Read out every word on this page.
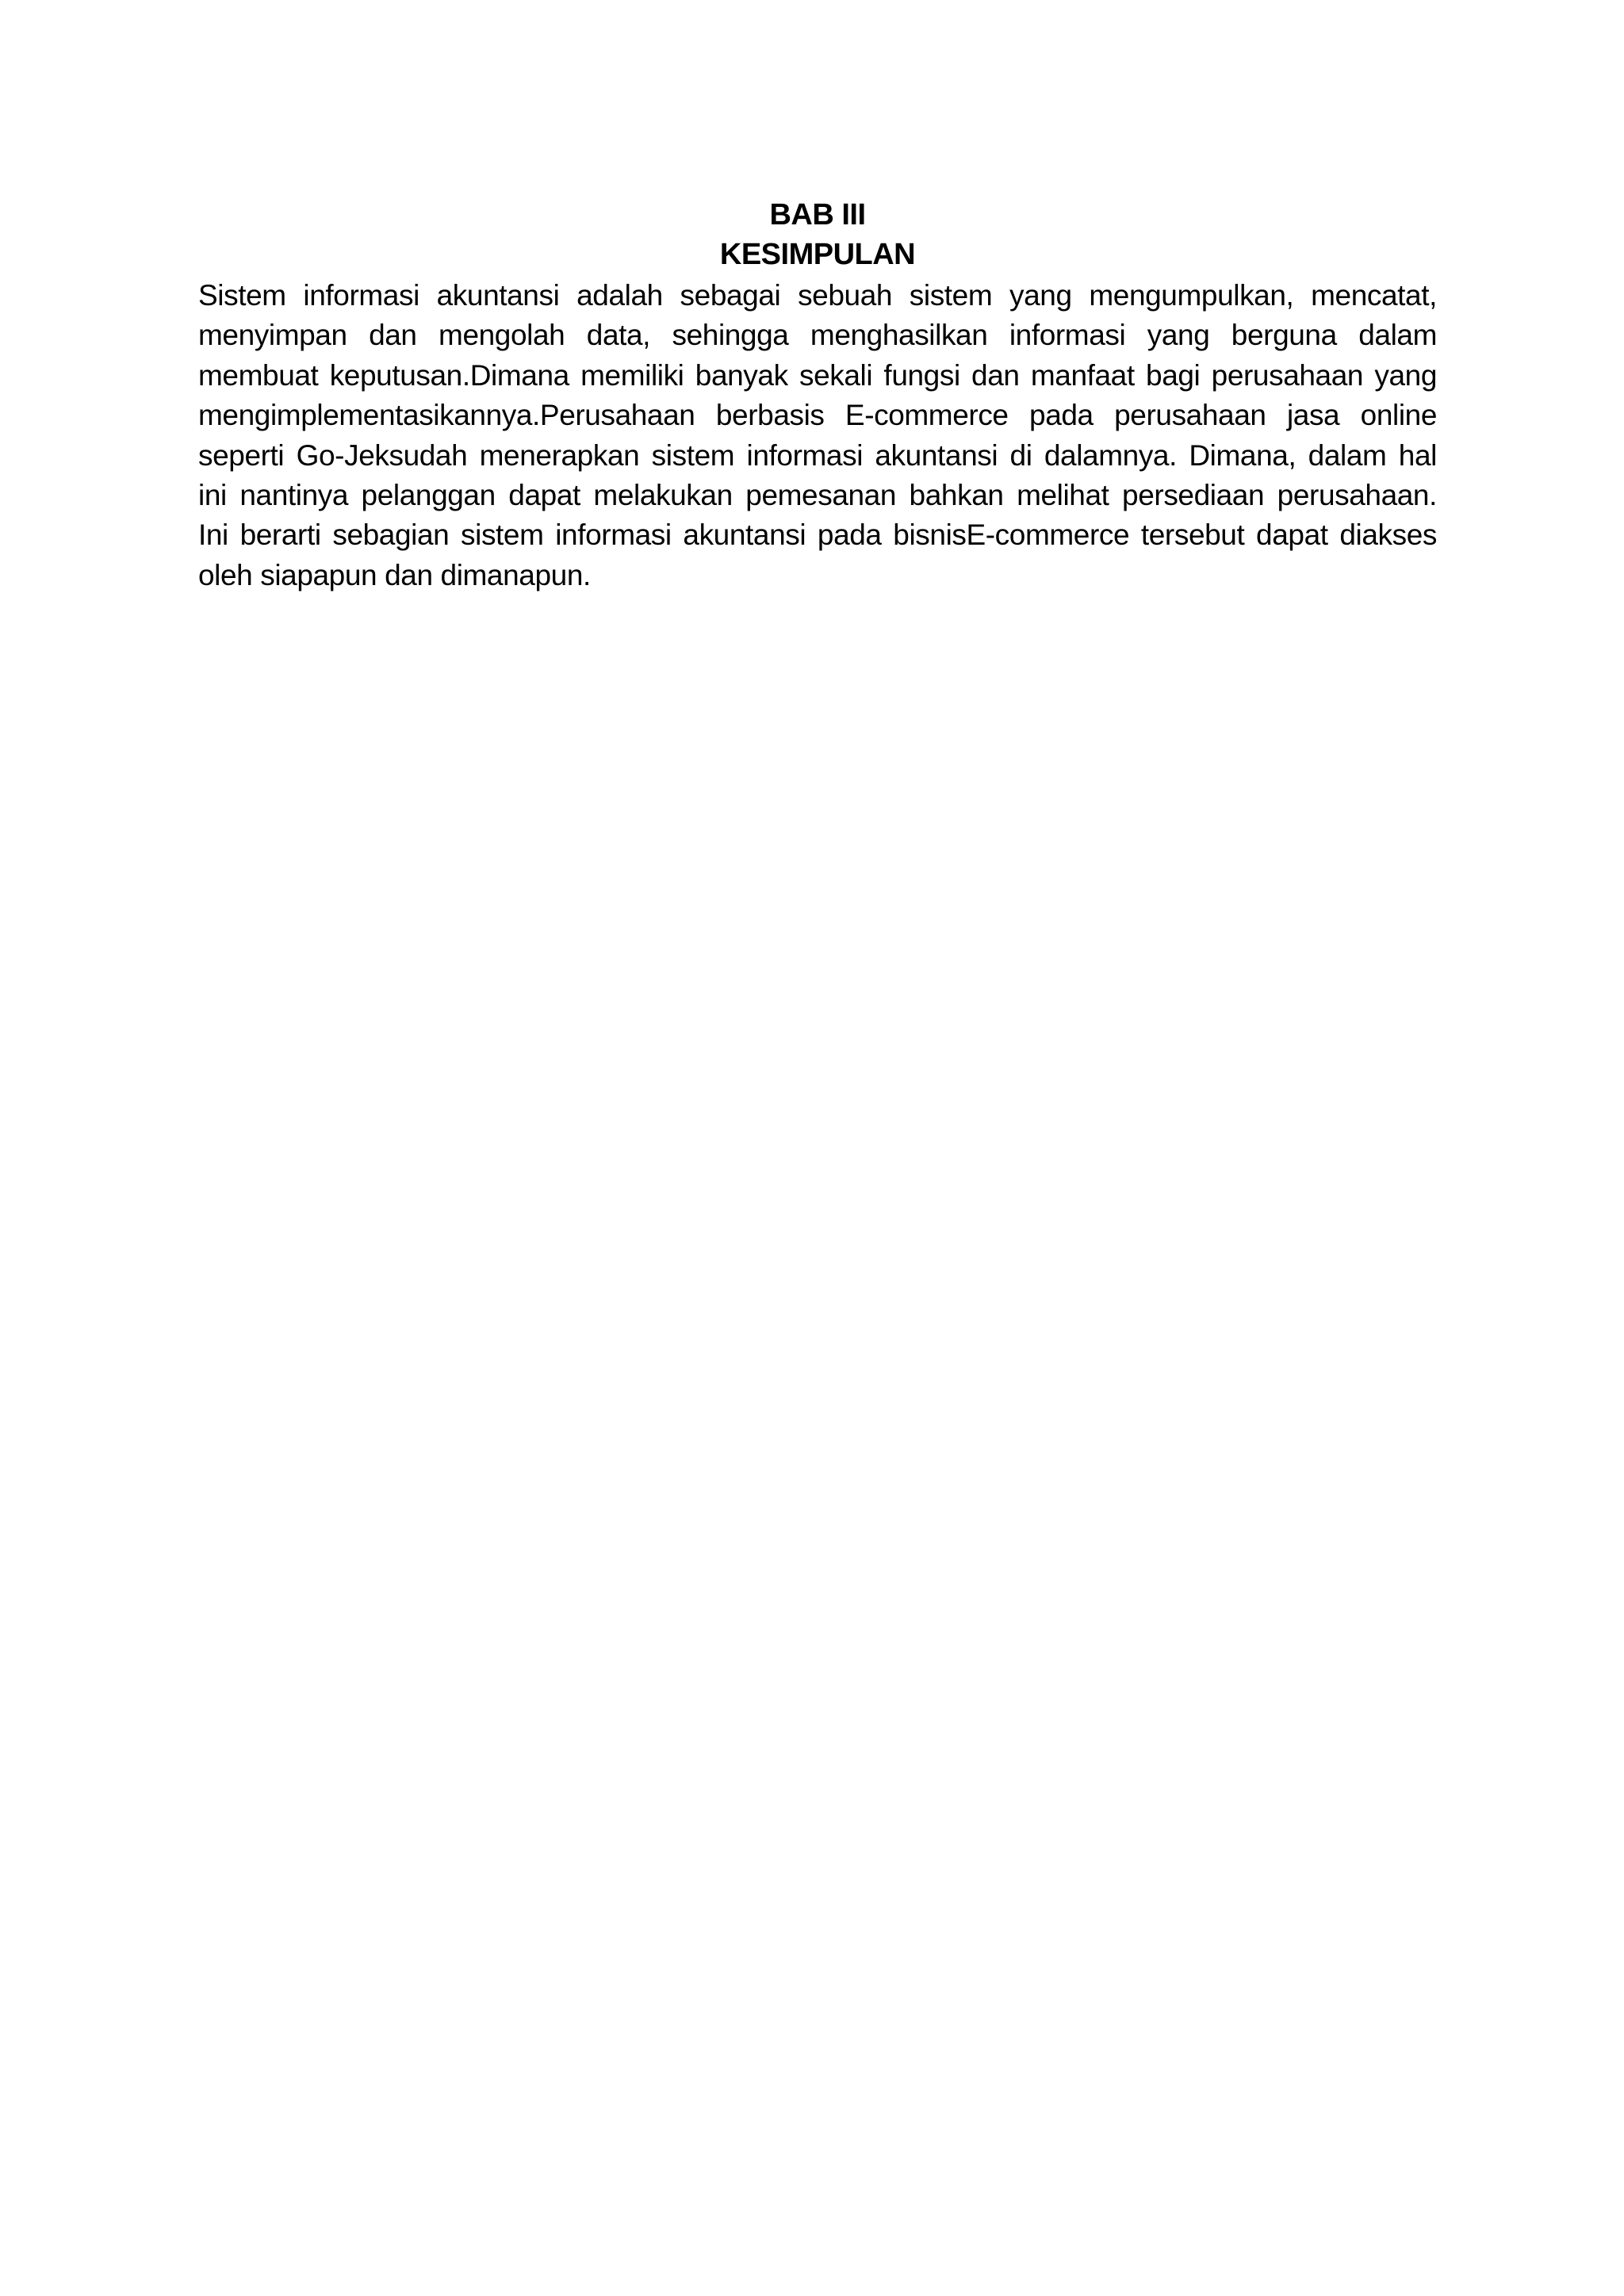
BAB III
KESIMPULAN
Sistem informasi akuntansi adalah sebagai sebuah sistem yang mengumpulkan, mencatat,
menyimpan dan mengolah data, sehingga menghasilkan informasi yang berguna dalam
membuat keputusan.Dimana memiliki banyak sekali fungsi dan manfaat bagi perusahaan yang
mengimplementasikannya.Perusahaan berbasis E-commerce pada perusahaan jasa online
seperti Go-Jeksudah menerapkan sistem informasi akuntansi di dalamnya. Dimana, dalam hal
ini nantinya pelanggan dapat melakukan pemesanan bahkan melihat persediaan perusahaan.
Ini berarti sebagian sistem informasi akuntansi pada bisnisE-commerce tersebut dapat diakses
oleh siapapun dan dimanapun.
